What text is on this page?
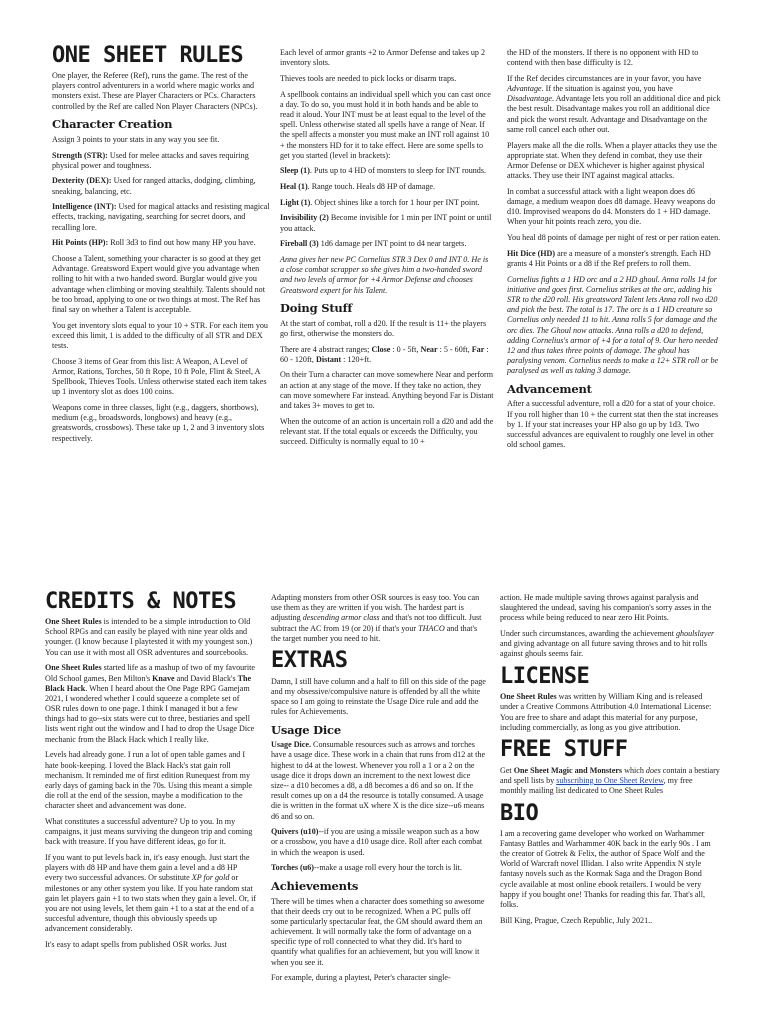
ONE SHEET RULES

One player, the Referee (Ref), runs the game. The rest of the players control adventurers in a world where magic works and monsters exist. These are Player Characters or PCs. Characters controlled by the Ref are called Non Player Characters (NPCs).

Character Creation

Assign 3 points to your stats in any way you see fit.

Strength (STR): Used for melee attacks and saves requiring physical power and toughness.

Dexterity (DEX): Used for ranged attacks, dodging, climbing, sneaking, balancing, etc.

Intelligence (INT): Used for magical attacks and resisting magical effects, tracking, navigating, searching for secret doors, and recalling lore.

Hit Points (HP): Roll 3d3 to find out how many HP you have.

Choose a Talent, something your character is so good at they get Advantage. Greatsword Expert would give you advantage when rolling to hit with a two handed sword. Burglar would give you advantage when climbing or moving stealthily. Talents should not be too broad, applying to one or two things at most. The Ref has final say on whether a Talent is acceptable.

You get inventory slots equal to your 10 + STR. For each item you exceed this limit, 1 is added to the difficulty of all STR and DEX tests.

Choose 3 items of Gear from this list: A Weapon, A Level of Armor, Rations, Torches, 50 ft Rope, 10 ft Pole, Flint & Steel, A Spellbook, Thieves Tools. Unless otherwise stated each item takes up 1 inventory slot as does 100 coins.

Weapons come in three classes, light (e.g., daggers, shortbows), medium (e.g., broadswords, longbows) and heavy (e.g., greatswords, crossbows). These take up 1, 2 and 3 inventory slots respectively.

Each level of armor grants +2 to Armor Defense and takes up 2 inventory slots.

Thieves tools are needed to pick locks or disarm traps.

A spellbook contains an individual spell which you can cast once a day. To do so, you must hold it in both hands and be able to read it aloud. Your INT must be at least equal to the level of the spell. Unless otherwise stated all spells have a range of Near. If the spell affects a monster you must make an INT roll against 10 + the monsters HD for it to take effect. Here are some spells to get you started (level in brackets):

Sleep (1). Puts up to 4 HD of monsters to sleep for INT rounds.

Heal (1). Range touch. Heals d8 HP of damage.

Light (1). Object shines like a torch for 1 hour per INT point.

Invisibility (2) Become invisible for 1 min per INT point or until you attack.

Fireball (3) 1d6 damage per INT point to d4 near targets.

Anna gives her new PC Cornelius STR 3 Dex 0 and INT 0. He is a close combat scrapper so she gives him a two-handed sword and two levels of armor for +4 Armor Defense and chooses Greatsword expert for his Talent.

Doing Stuff

At the start of combat, roll a d20. If the result is 11+ the players go first, otherwise the monsters do.

There are 4 abstract ranges; Close : 0 - 5ft, Near : 5 - 60ft, Far : 60 - 120ft, Distant : 120+ft.

On their Turn a character can move somewhere Near and perform an action at any stage of the move. If they take no action, they can move somewhere Far instead. Anything beyond Far is Distant and takes 3+ moves to get to.

When the outcome of an action is uncertain roll a d20 and add the relevant stat. If the total equals or exceeds the Difficulty, you succeed. Difficulty is normally equal to 10 +

the HD of the monsters. If there is no opponent with HD to contend with then base difficulty is 12.

If the Ref decides circumstances are in your favor, you have Advantage. If the situation is against you, you have Disadvantage. Advantage lets you roll an additional dice and pick the best result. Disadvantage makes you roll an additional dice and pick the worst result. Advantage and Disadvantage on the same roll cancel each other out.

Players make all the die rolls. When a player attacks they use the appropriate stat. When they defend in combat, they use their Armor Defense or DEX whichever is higher against physical attacks. They use their INT against magical attacks.

In combat a successful attack with a light weapon does d6 damage, a medium weapon does d8 damage. Heavy weapons do d10. Improvised weapons do d4. Monsters do 1 + HD damage. When your hit points reach zero, you die.

You heal d8 points of damage per night of rest or per ration eaten.

Hit Dice (HD) are a measure of a monster's strength. Each HD grants 4 Hit Points or a d8 if the Ref prefers to roll them.

Cornelius fights a 1 HD orc and a 2 HD ghoul. Anna rolls 14 for initiative and goes first. Cornelius strikes at the orc, adding his STR to the d20 roll. His greatsword Talent lets Anna roll two d20 and pick the best. The total is 17. The orc is a 1 HD creature so Cornelius only needed 11 to hit. Anna rolls 5 for damage and the orc dies. The Ghoul now attacks. Anna rolls a d20 to defend, adding Cornelius's armor of +4 for a total of 9. Our hero needed 12 and thus takes three points of damage. The ghoul has paralysing venom. Cornelius needs to make a 12+ STR roll or be paralysed as well as taking 3 damage.

Advancement

After a successful adventure, roll a d20 for a stat of your choice. If you roll higher than 10 + the current stat then the stat increases by 1. If your stat increases your HP also go up by 1d3. Two successful advances are equivalent to roughly one level in other old school games.

CREDITS & NOTES

One Sheet Rules is intended to be a simple introduction to Old School RPGs and can easily be played with nine year olds and younger. (I know because I playtested it with my youngest son.) You can use it with most all OSR adventures and sourcebooks.

One Sheet Rules started life as a mashup of two of my favourite Old School games, Ben Milton's Knave and David Black's The Black Hack. When I heard about the One Page RPG Gamejam 2021, I wondered whether I could squeeze a complete set of OSR rules down to one page. I think I managed it but a few things had to go--six stats were cut to three, bestiaries and spell lists went right out the window and I had to drop the Usage Dice mechanic from the Black Hack which I really like.

Levels had already gone. I run a lot of open table games and I hate book-keeping. I loved the Black Hack's stat gain roll mechanism. It reminded me of first edition Runequest from my early days of gaming back in the 70s. Using this meant a simple die roll at the end of the session, maybe a modification to the character sheet and advancement was done.

What constitutes a successful adventure? Up to you. In my campaigns, it just means surviving the dungeon trip and coming back with treasure. If you have different ideas, go for it.

If you want to put levels back in, it's easy enough. Just start the players with d8 HP and have them gain a level and a d8 HP every two successful advances. Or substitute XP for gold or milestones or any other system you like. If you hate random stat gain let players gain +1 to two stats when they gain a level. Or, if you are not using levels, let them gain +1 to a stat at the end of a succesful adventure, though this obviously speeds up advancement considerably.

It's easy to adapt spells from published OSR works. Just

Adapting monsters from other OSR sources is easy too. You can use them as they are written if you wish. The hardest part is adjusting descending armor class and that's not too difficult. Just subtract the AC from 19 (or 20) if that's your THACO and that's the target number you need to hit.

EXTRAS

Damn, I still have column and a half to fill on this side of the page and my obsessive/compulsive nature is offended by all the white space so I am going to reinstate the Usage Dice rule and add the rules for Achievements.

Usage Dice

Usage Dice. Consumable resources such as arrows and torches have a usage dice. These work in a chain that runs from d12 at the highest to d4 at the lowest. Whenever you roll a 1 or a 2 on the usage dice it drops down an increment to the next lowest dice size-- a d10 becomes a d8, a d8 becomes a d6 and so on. If the result comes up on a d4 the resource is totally consumed. A usage die is written in the format uX where X is the dice size--u6 means d6 and so on.

Quivers (u10)--if you are using a missile weapon such as a bow or a crossbow, you have a d10 usage dice. Roll after each combat in which the weapon is used.

Torches (u6)--make a usage roll every hour the torch is lit.

Achievements

There will be times when a character does something so awesome that their deeds cry out to be recognized. When a PC pulls off some particularly spectacular feat, the GM should award them an achievement. It will normally take the form of advantage on a specific type of roll connected to what they did. It's hard to quantify what qualifies for an achievement, but you will know it when you see it.

For example, during a playtest, Peter's character single-

action. He made multiple saving throws against paralysis and slaughtered the undead, saving his companion's sorry asses in the process while being reduced to near zero Hit Points.

Under such circumstances, awarding the achievement ghoulslayer and giving advantage on all future saving throws and to hit rolls against ghouls seems fair.

LICENSE

One Sheet Rules was written by William King and is released under a Creative Commons Attribution 4.0 International License: You are free to share and adapt this material for any purpose, including commercially, as long as you give attribution.

FREE STUFF

Get One Sheet Magic and Monsters which does contain a bestiary and spell lists by subscribing to One Sheet Review, my free monthly mailing list dedicated to One Sheet Rules

BIO

I am a recovering game developer who worked on Warhammer Fantasy Battles and Warhammer 40K back in the early 90s . I am the creator of Gotrek & Felix, the author of Space Wolf and the World of Warcraft novel Illidan. I also write Appendix N style fantasy novels such as the Kormak Saga and the Dragon Bond cycle available at most online ebook retailers. I would be very happy if you bought one! Thanks for reading this far. That's all, folks.

Bill King, Prague, Czech Republic, July 2021..
